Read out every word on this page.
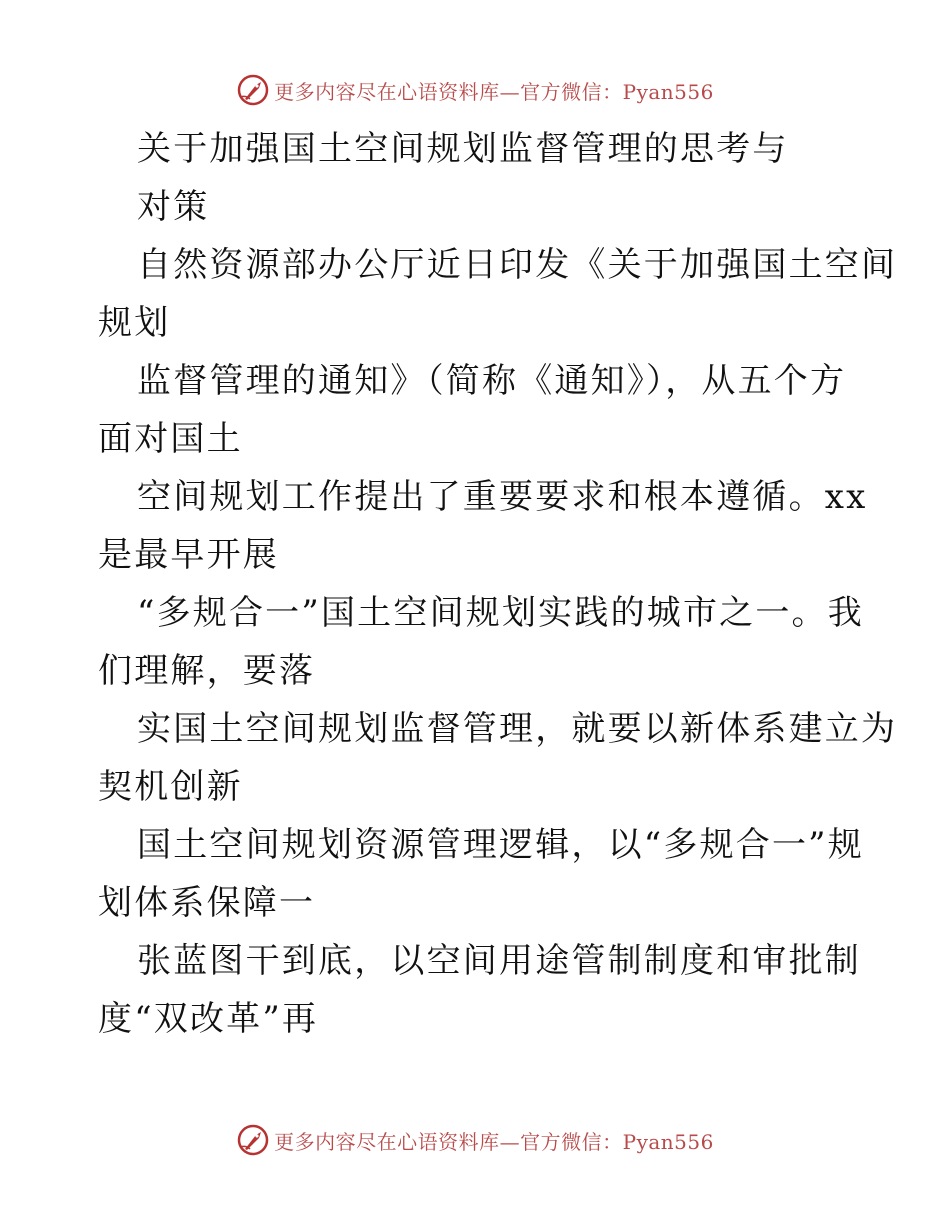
更多内容尽在心语资料库—官方微信：Pyan556
关于加强国土空间规划监督管理的思考与
对策
自然资源部办公厅近日印发《关于加强国土空间
规划
监督管理的通知》（简称《通知》），从五个方
面对国土
空间规划工作提出了重要要求和根本遵循。xx
是最早开展
“多规合一”国土空间规划实践的城市之一。我
们理解，要落
实国土空间规划监督管理，就要以新体系建立为
契机创新
国土空间规划资源管理逻辑，以“多规合一”规
划体系保障一
张蓝图干到底，以空间用途管制制度和审批制
度“双改革”再
更多内容尽在心语资料库—官方微信：Pyan556
